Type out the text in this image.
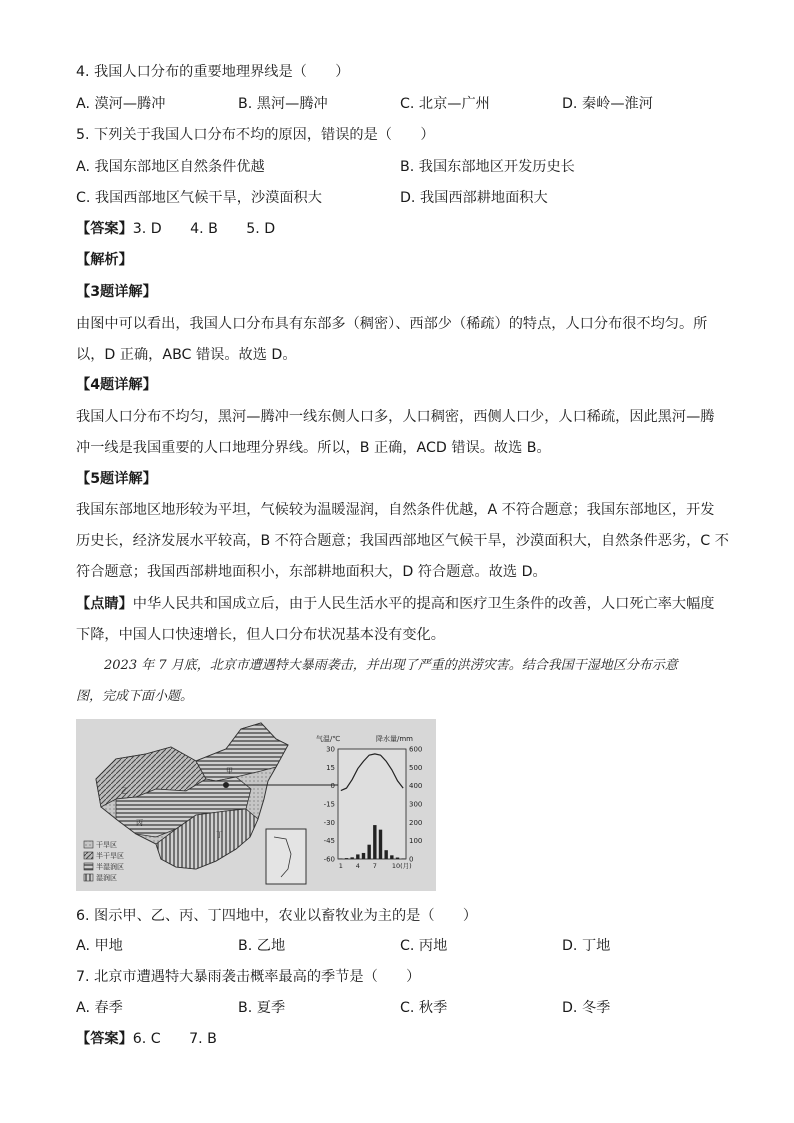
4. 我国人口分布的重要地理界线是（　　）
A. 漠河—腾冲	B. 黑河—腾冲	C. 北京—广州	D. 秦岭—淮河
5. 下列关于我国人口分布不均的原因，错误的是（　　）
A. 我国东部地区自然条件优越	B. 我国东部地区开发历史长
C. 我国西部地区气候干旱，沙漠面积大	D. 我国西部耕地面积大
【答案】3. D　　4. B　　5. D
【解析】
【3题详解】
由图中可以看出，我国人口分布具有东部多（稠密）、西部少（稀疏）的特点，人口分布很不均匀。所
以，D 正确，ABC 错误。故选 D。
【4题详解】
我国人口分布不均匀，黑河—腾冲一线东侧人口多，人口稠密，西侧人口少，人口稀疏，因此黑河—腾
冲一线是我国重要的人口地理分界线。所以，B 正确，ACD 错误。故选 B。
【5题详解】
我国东部地区地形较为平坦，气候较为温暖湿润，自然条件优越，A 不符合题意；我国东部地区，开发
历史长，经济发展水平较高，B 不符合题意；我国西部地区气候干旱，沙漠面积大，自然条件恶劣，C 不
符合题意；我国西部耕地面积小，东部耕地面积大，D 符合题意。故选 D。
【点睛】中华人民共和国成立后，由于人民生活水平的提高和医疗卫生条件的改善，人口死亡率大幅度
下降，中国人口快速增长，但人口分布状况基本没有变化。
2023 年 7 月底，北京市遭遇特大暴雨袭击，并出现了严重的洪涝灾害。结合我国干湿地区分布示意
图，完成下面小题。
甲
乙
丙
丁
干旱区
半干旱区
半湿润区
湿润区
气温/℃	降水量/mm
30
15
0
-15
-30
-45
-60
600
500
400
300
200
100
0
1 4 7 10(月)
6. 图示甲、乙、丙、丁四地中，农业以畜牧业为主的是（　　）
A. 甲地	B. 乙地	C. 丙地	D. 丁地
7. 北京市遭遇特大暴雨袭击概率最高的季节是（　　）
A. 春季	B. 夏季	C. 秋季	D. 冬季
【答案】6. C　　7. B
